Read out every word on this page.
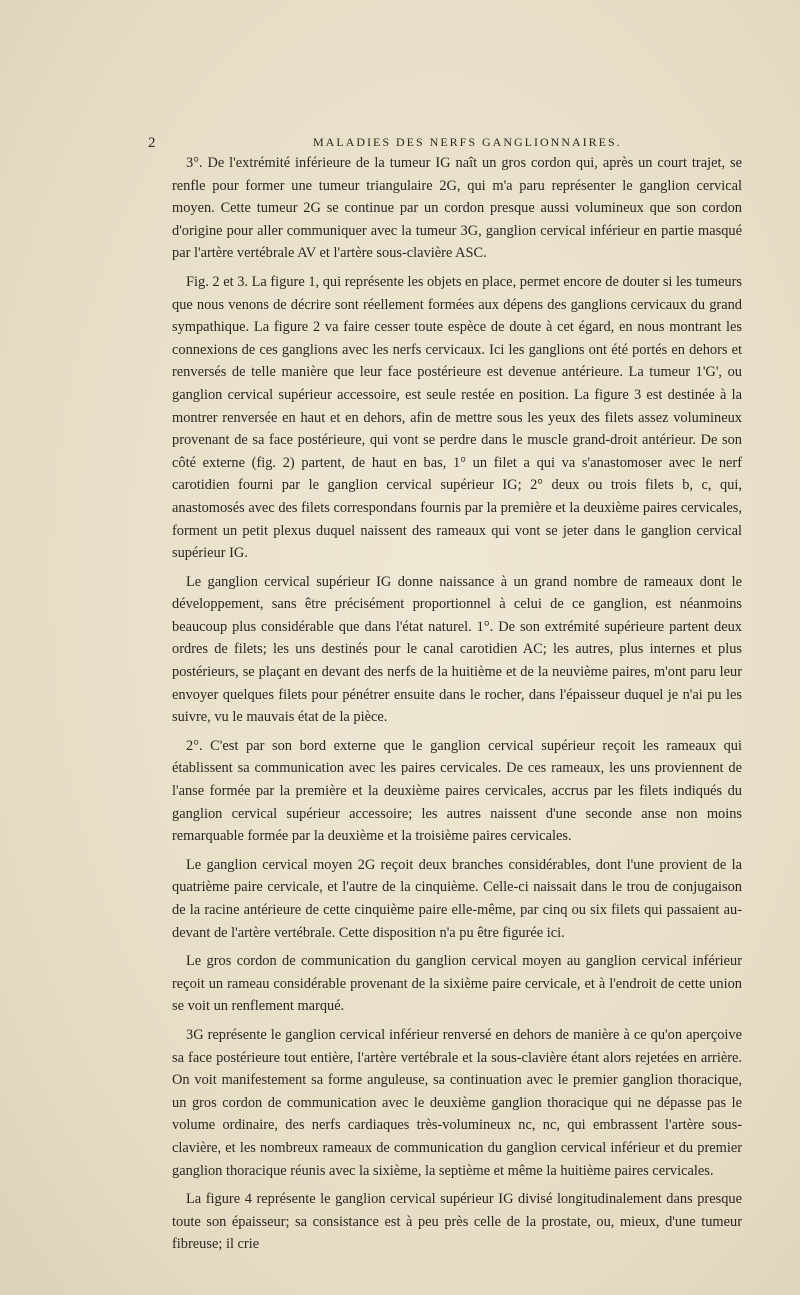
2	MALADIES DES NERFS GANGLIONNAIRES.

3°. De l'extrémité inférieure de la tumeur IG naît un gros cordon qui, après un court trajet, se renfle pour former une tumeur triangulaire 2G, qui m'a paru représenter le ganglion cervical moyen. Cette tumeur 2G se continue par un cordon presque aussi volumineux que son cordon d'origine pour aller communiquer avec la tumeur 3G, ganglion cervical inférieur en partie masqué par l'artère vertébrale AV et l'artère sous-clavière ASC.

Fig. 2 et 3. La figure 1, qui représente les objets en place, permet encore de douter si les tumeurs que nous venons de décrire sont réellement formées aux dépens des ganglions cervicaux du grand sympathique. La figure 2 va faire cesser toute espèce de doute à cet égard, en nous montrant les connexions de ces ganglions avec les nerfs cervicaux. Ici les ganglions ont été portés en dehors et renversés de telle manière que leur face postérieure est devenue antérieure. La tumeur 1'G', ou ganglion cervical supérieur accessoire, est seule restée en position. La figure 3 est destinée à la montrer renversée en haut et en dehors, afin de mettre sous les yeux des filets assez volumineux provenant de sa face postérieure, qui vont se perdre dans le muscle grand-droit antérieur. De son côté externe (fig. 2) partent, de haut en bas, 1° un filet a qui va s'anastomoser avec le nerf carotidien fourni par le ganglion cervical supérieur IG; 2° deux ou trois filets b, c, qui, anastomosés avec des filets correspondans fournis par la première et la deuxième paires cervicales, forment un petit plexus duquel naissent des rameaux qui vont se jeter dans le ganglion cervical supérieur IG.

Le ganglion cervical supérieur IG donne naissance à un grand nombre de rameaux dont le développement, sans être précisément proportionnel à celui de ce ganglion, est néanmoins beaucoup plus considérable que dans l'état naturel. 1°. De son extrémité supérieure partent deux ordres de filets; les uns destinés pour le canal carotidien AC; les autres, plus internes et plus postérieurs, se plaçant en devant des nerfs de la huitième et de la neuvième paires, m'ont paru leur envoyer quelques filets pour pénétrer ensuite dans le rocher, dans l'épaisseur duquel je n'ai pu les suivre, vu le mauvais état de la pièce.

2°. C'est par son bord externe que le ganglion cervical supérieur reçoit les rameaux qui établissent sa communication avec les paires cervicales. De ces rameaux, les uns proviennent de l'anse formée par la première et la deuxième paires cervicales, accrus par les filets indiqués du ganglion cervical supérieur accessoire; les autres naissent d'une seconde anse non moins remarquable formée par la deuxième et la troisième paires cervicales.

Le ganglion cervical moyen 2G reçoit deux branches considérables, dont l'une provient de la quatrième paire cervicale, et l'autre de la cinquième. Celle-ci naissait dans le trou de conjugaison de la racine antérieure de cette cinquième paire elle-même, par cinq ou six filets qui passaient au-devant de l'artère vertébrale. Cette disposition n'a pu être figurée ici.

Le gros cordon de communication du ganglion cervical moyen au ganglion cervical inférieur reçoit un rameau considérable provenant de la sixième paire cervicale, et à l'endroit de cette union se voit un renflement marqué.

3G représente le ganglion cervical inférieur renversé en dehors de manière à ce qu'on aperçoive sa face postérieure tout entière, l'artère vertébrale et la sous-clavière étant alors rejetées en arrière. On voit manifestement sa forme anguleuse, sa continuation avec le premier ganglion thoracique, un gros cordon de communication avec le deuxième ganglion thoracique qui ne dépasse pas le volume ordinaire, des nerfs cardiaques très-volumineux nc, nc, qui embrassent l'artère sous-clavière, et les nombreux rameaux de communication du ganglion cervical inférieur et du premier ganglion thoracique réunis avec la sixième, la septième et même la huitième paires cervicales.

La figure 4 représente le ganglion cervical supérieur IG divisé longitudinalement dans presque toute son épaisseur; sa consistance est à peu près celle de la prostate, ou, mieux, d'une tumeur fibreuse; il crie
